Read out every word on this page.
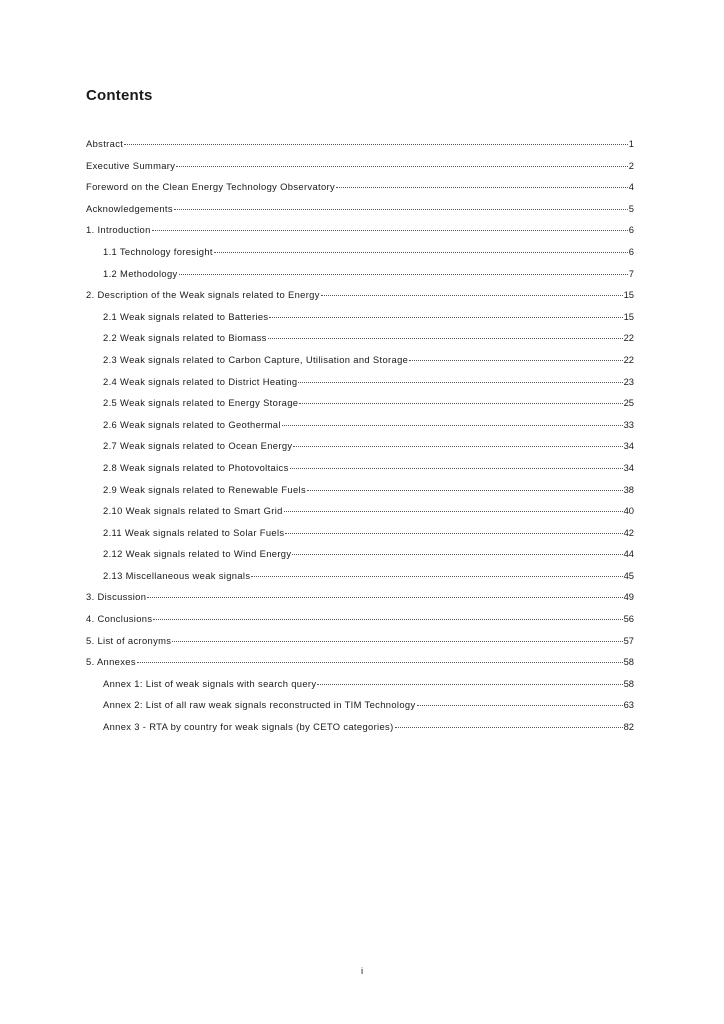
Contents
Abstract	1
Executive Summary	2
Foreword on the Clean Energy Technology Observatory	4
Acknowledgements	5
1. Introduction	6
1.1 Technology foresight	6
1.2 Methodology	7
2. Description of the Weak signals related to Energy	15
2.1 Weak signals related to Batteries	15
2.2 Weak signals related to Biomass	22
2.3 Weak signals related to Carbon Capture, Utilisation and Storage	22
2.4 Weak signals related to District Heating	23
2.5 Weak signals related to Energy Storage	25
2.6 Weak signals related to Geothermal	33
2.7 Weak signals related to Ocean Energy	34
2.8 Weak signals related to Photovoltaics	34
2.9 Weak signals related to Renewable Fuels	38
2.10 Weak signals related to Smart Grid	40
2.11 Weak signals related to Solar Fuels	42
2.12 Weak signals related to Wind Energy	44
2.13 Miscellaneous weak signals	45
3. Discussion	49
4. Conclusions	56
5. List of acronyms	57
5. Annexes	58
Annex 1: List of weak signals with search query	58
Annex 2: List of all raw weak signals reconstructed in TIM Technology	63
Annex 3 - RTA by country for weak signals (by CETO categories)	82
i
